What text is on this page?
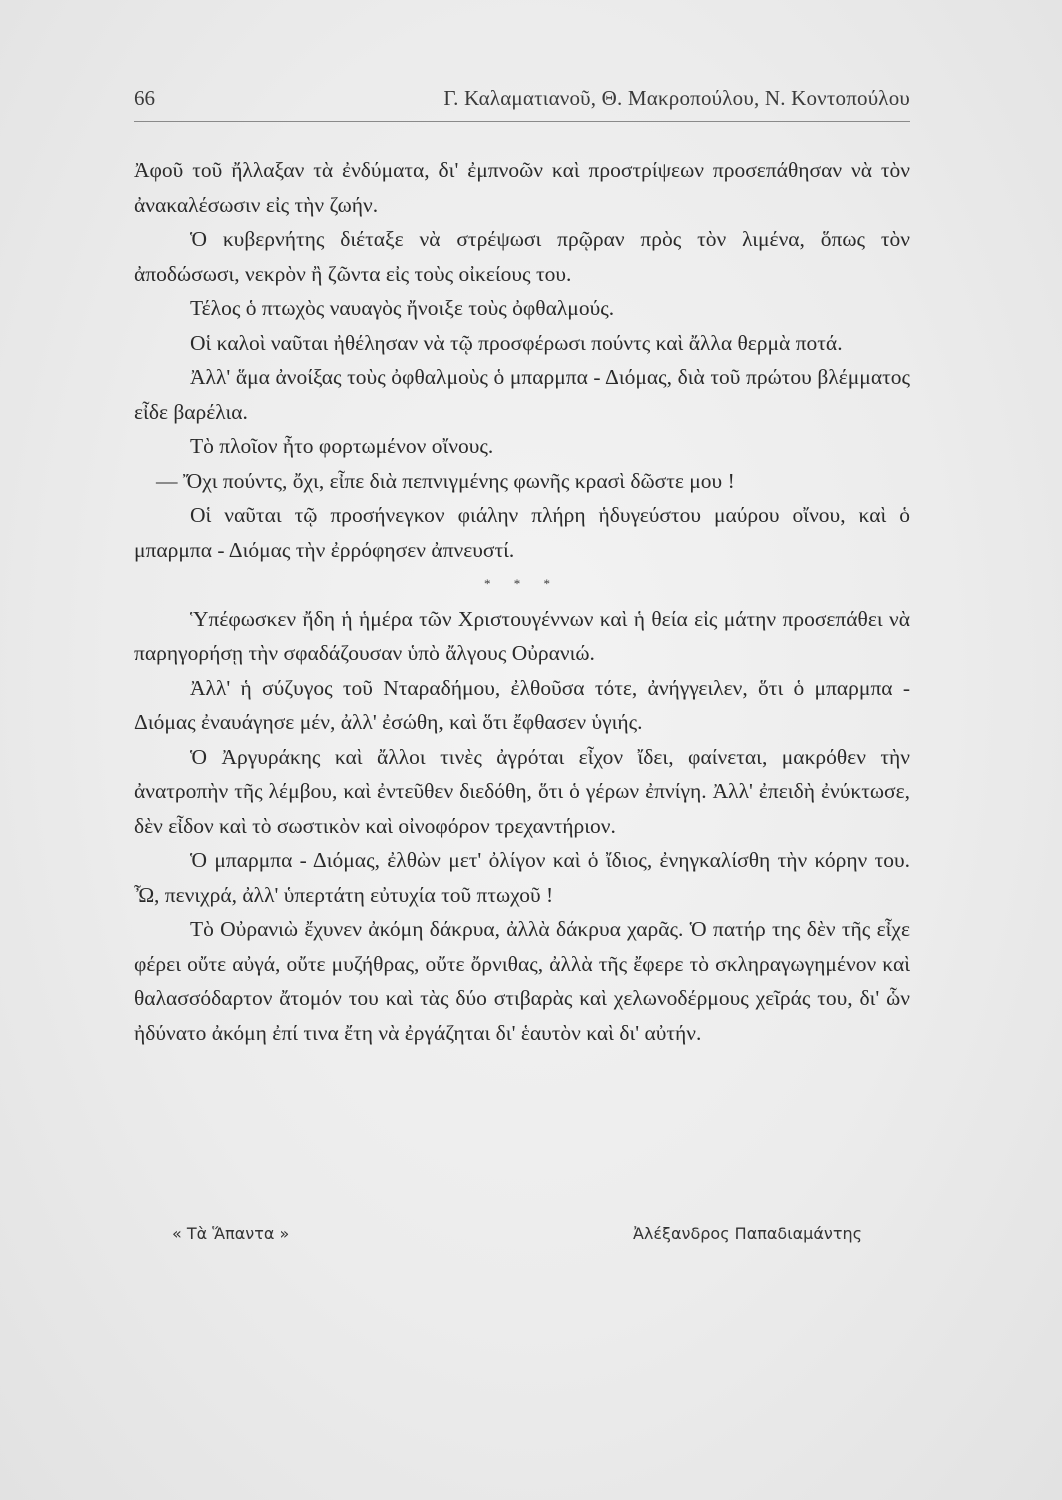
66	Γ. Καλαματιανοῦ, Θ. Μακροπούλου, Ν. Κοντοπούλου

Ἀφοῦ τοῦ ἤλλαξαν τὰ ἐνδύματα, δι' ἐμπνοῶν καὶ προστρίψεων προσεπάθησαν νὰ τὸν ἀνακαλέσωσιν εἰς τὴν ζωήν.

Ὁ κυβερνήτης διέταξε νὰ στρέψωσι πρῷραν πρὸς τὸν λιμένα, ὅπως τὸν ἀποδώσωσι, νεκρὸν ἢ ζῶντα εἰς τοὺς οἰκείους του.

Τέλος ὁ πτωχὸς ναυαγὸς ἤνοιξε τοὺς ὀφθαλμούς.

Οἱ καλοὶ ναῦται ἠθέλησαν νὰ τῷ προσφέρωσι πούντς καὶ ἄλλα θερμὰ ποτά.

Ἀλλ' ἅμα ἀνοίξας τοὺς ὀφθαλμοὺς ὁ μπαρμπα - Διόμας, διὰ τοῦ πρώτου βλέμματος εἶδε βαρέλια.

Τὸ πλοῖον ἦτο φορτωμένον οἴνους.

— Ὄχι πούντς, ὄχι, εἶπε διὰ πεπνιγμένης φωνῆς κρασὶ δῶστε μου !

Οἱ ναῦται τῷ προσήνεγκον φιάλην πλήρη ἡδυγεύστου μαύρου οἴνου, καὶ ὁ μπαρμπα - Διόμας τὴν ἐρρόφησεν ἀπνευστί.

* * *

Ὑπέφωσκεν ἤδη ἡ ἡμέρα τῶν Χριστουγέννων καὶ ἡ θεία εἰς μάτην προσεπάθει νὰ παρηγορήσῃ τὴν σφαδάζουσαν ὑπὸ ἄλγους Οὐρανιώ.

Ἀλλ' ἡ σύζυγος τοῦ Νταραδήμου, ἐλθοῦσα τότε, ἀνήγγειλεν, ὅτι ὁ μπαρμπα - Διόμας ἐναυάγησε μέν, ἀλλ' ἐσώθη, καὶ ὅτι ἔφθασεν ὑγιής.

Ὁ Ἀργυράκης καὶ ἄλλοι τινὲς ἀγρόται εἶχον ἴδει, φαίνεται, μακρόθεν τὴν ἀνατροπὴν τῆς λέμβου, καὶ ἐντεῦθεν διεδόθη, ὅτι ὁ γέρων ἐπνίγη. Ἀλλ' ἐπειδὴ ἐνύκτωσε, δὲν εἶδον καὶ τὸ σωστικὸν καὶ οἰνοφόρον τρεχαντήριον.

Ὁ μπαρμπα - Διόμας, ἐλθὼν μετ' ὀλίγον καὶ ὁ ἴδιος, ἐνηγκαλίσθη τὴν κόρην του. Ὦ, πενιχρά, ἀλλ' ὑπερτάτη εὐτυχία τοῦ πτωχοῦ !

Τὸ Οὐρανιὼ ἔχυνεν ἀκόμη δάκρυα, ἀλλὰ δάκρυα χαρᾶς. Ὁ πατήρ της δὲν τῆς εἶχε φέρει οὔτε αὐγά, οὔτε μυζήθρας, οὔτε ὄρνιθας, ἀλλὰ τῆς ἔφερε τὸ σκληραγωγημένον καὶ θαλασσόδαρτον ἄτομόν του καὶ τὰς δύο στιβαρὰς καὶ χελωνοδέρμους χεῖράς του, δι' ὧν ἠδύνατο ἀκόμη ἐπί τινα ἔτη νὰ ἐργάζηται δι' ἑαυτὸν καὶ δι' αὐτήν.

« Τὰ Ἅπαντα »	Ἀλέξανδρος Παπαδιαμάντης
